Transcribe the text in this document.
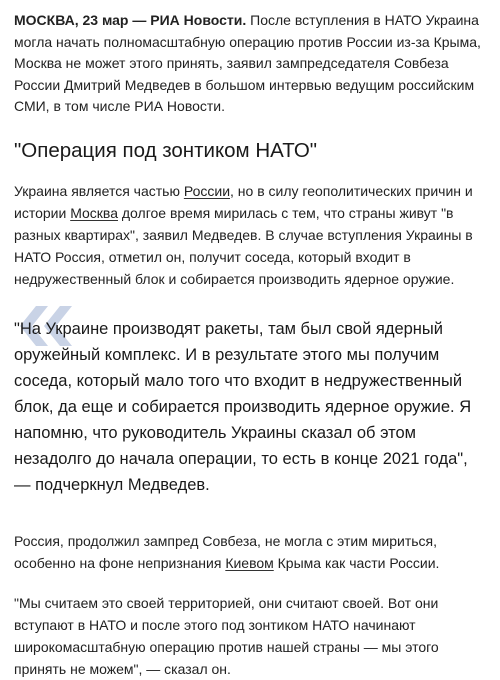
МОСКВА, 23 мар — РИА Новости. После вступления в НАТО Украина могла начать полномасштабную операцию против России из-за Крыма, Москва не может этого принять, заявил зампредседателя Совбеза России Дмитрий Медведев в большом интервью ведущим российским СМИ, в том числе РИА Новости.

"Операция под зонтиком НАТО"

Украина является частью России, но в силу геополитических причин и истории Москва долгое время мирилась с тем, что страны живут "в разных квартирах", заявил Медведев. В случае вступления Украины в НАТО Россия, отметил он, получит соседа, который входит в недружественный блок и собирается производить ядерное оружие.

"На Украине производят ракеты, там был свой ядерный оружейный комплекс. И в результате этого мы получим соседа, который мало того что входит в недружественный блок, да еще и собирается производить ядерное оружие. Я напомню, что руководитель Украины сказал об этом незадолго до начала операции, то есть в конце 2021 года", — подчеркнул Медведев.

Россия, продолжил зампред Совбеза, не могла с этим мириться, особенно на фоне непризнания Киевом Крыма как части России.

"Мы считаем это своей территорией, они считают своей. Вот они вступают в НАТО и после этого под зонтиком НАТО начинают широкомасштабную операцию против нашей страны — мы этого принять не можем", — сказал он.
